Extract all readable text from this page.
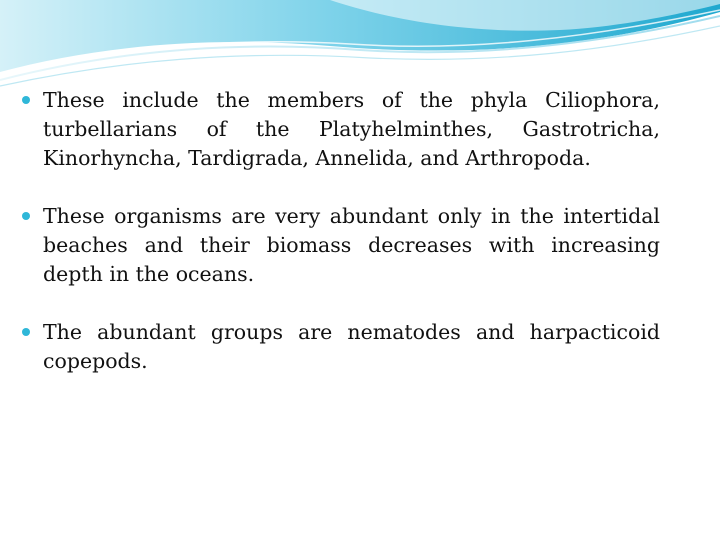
These include the members of the phyla Ciliophora, turbellarians of the Platyhelminthes, Gastrotricha, Kinorhyncha, Tardigrada, Annelida, and Arthropoda.
These organisms are very abundant only in the intertidal beaches and their biomass decreases with increasing depth in the oceans.
The abundant groups are nematodes and harpacticoid copepods.
